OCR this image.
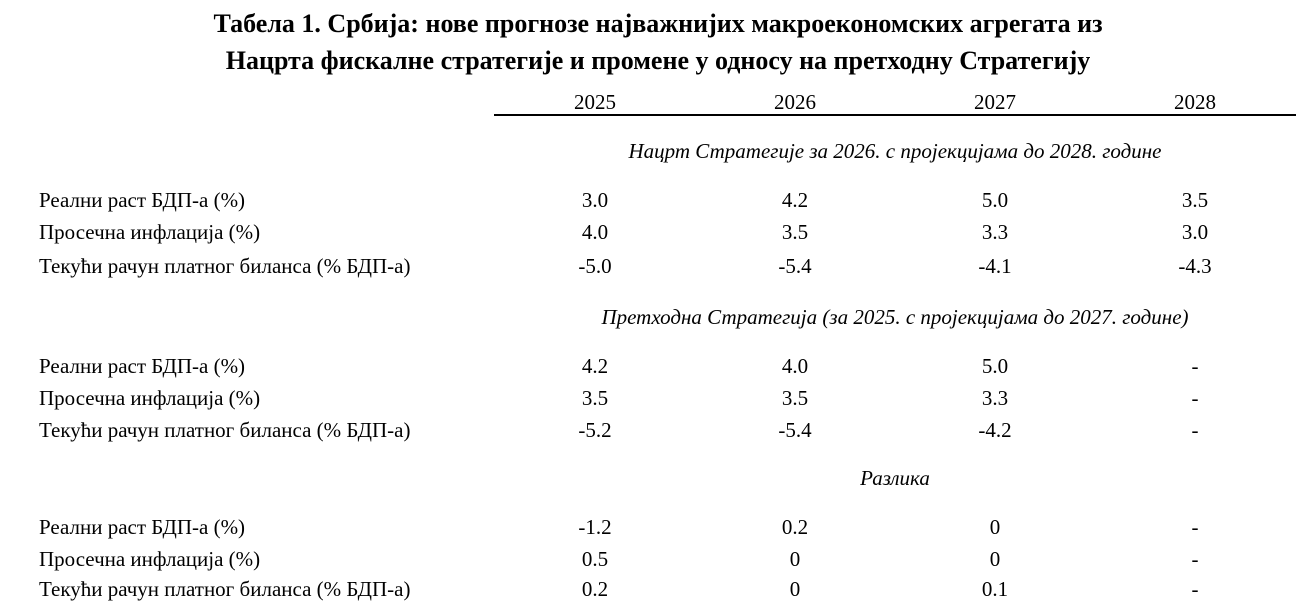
Табела 1. Србија: нове прогнозе најважнијих макроекономских агрегата из
Нацрта фискалне стратегије и промене у односу на претходну Стратегију
2025	2026	2027	2028
Нацрт Стратегије за 2026. с пројекцијама до 2028. године
Реални раст БДП-а (%)	3.0	4.2	5.0	3.5
Просечна инфлација (%)	4.0	3.5	3.3	3.0
Текући рачун платног биланса (% БДП-а)	-5.0	-5.4	-4.1	-4.3
Претходна Стратегија (за 2025. с пројекцијама до 2027. године)
Реални раст БДП-а (%)	4.2	4.0	5.0	-
Просечна инфлација (%)	3.5	3.5	3.3	-
Текући рачун платног биланса (% БДП-а)	-5.2	-5.4	-4.2	-
Разлика
Реални раст БДП-а (%)	-1.2	0.2	0	-
Просечна инфлација (%)	0.5	0	0	-
Текући рачун платног биланса (% БДП-а)	0.2	0	0.1	-
